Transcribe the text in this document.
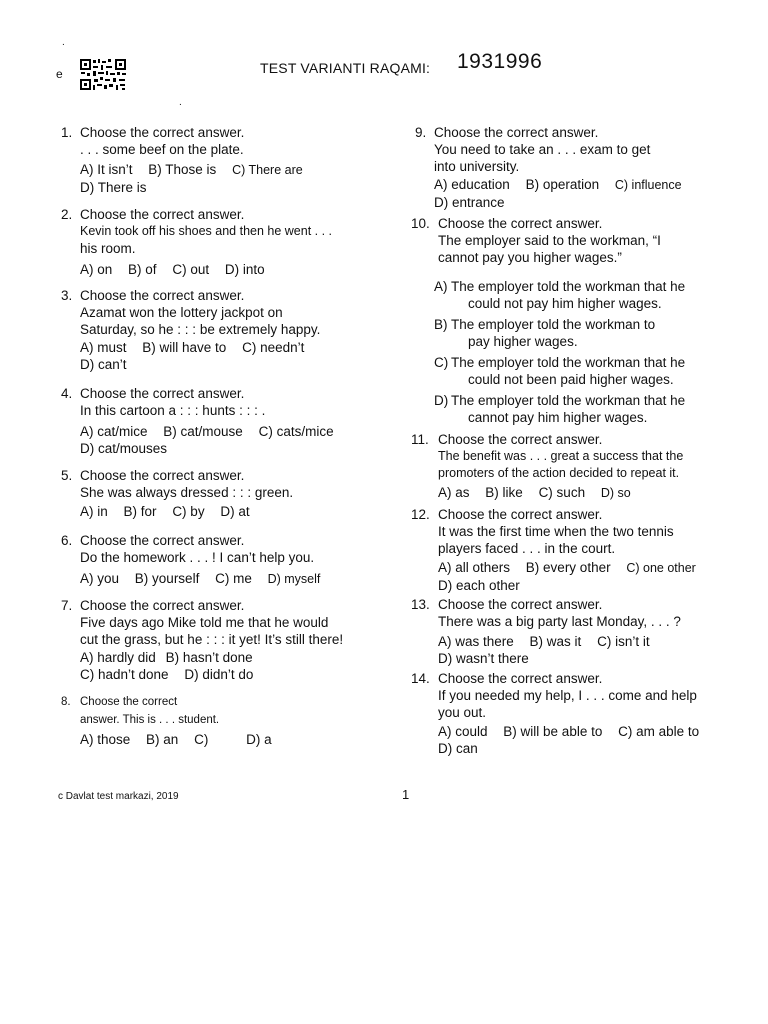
.
e
.
TEST VARIANTI RAQAMI: 1931996
1. Choose the correct answer.
. . . some beef on the plate.
A) It isn’t B) Those is C) There are
D) There is
2. Choose the correct answer.
Kevin took off his shoes and then he went . . .
his room.
A) on B) of C) out D) into
3. Choose the correct answer.
Azamat won the lottery jackpot on
Saturday, so he : : : be extremely happy.
A) must B) will have to C) needn’t
D) can’t
4. Choose the correct answer.
In this cartoon a : : : hunts : : : .
A) cat/mice B) cat/mouse C) cats/mice
D) cat/mouses
5. Choose the correct answer.
She was always dressed : : : green.
A) in B) for C) by D) at
6. Choose the correct answer.
Do the homework . . . ! I can’t help you.
A) you B) yourself C) me D) myself
7. Choose the correct answer.
Five days ago Mike told me that he would
cut the grass, but he : : : it yet! It’s still there!
A) hardly did B) hasn’t done
C) hadn’t done D) didn’t do
8. Choose the correct
answer. This is . . . student.
A) those B) an C)	D) a
9. Choose the correct answer.
You need to take an . . . exam to get
into university.
A) education B) operation C) influence
D) entrance
10. Choose the correct answer.
The employer said to the workman, “I
cannot pay you higher wages.”
A) The employer told the workman that he
could not pay him higher wages.
B) The employer told the workman to
pay higher wages.
C) The employer told the workman that he
could not been paid higher wages.
D) The employer told the workman that he
cannot pay him higher wages.
11. Choose the correct answer.
The benefit was . . . great a success that the
promoters of the action decided to repeat it.
A) as B) like C) such D) so
12. Choose the correct answer.
It was the first time when the two tennis
players faced . . . in the court.
A) all others B) every other C) one other
D) each other
13. Choose the correct answer.
There was a big party last Monday, . . . ?
A) was there B) was it C) isn’t it
D) wasn’t there
14. Choose the correct answer.
If you needed my help, I . . . come and help
you out.
A) could B) will be able to C) am able to
D) can
c Davlat test markazi, 2019	1
